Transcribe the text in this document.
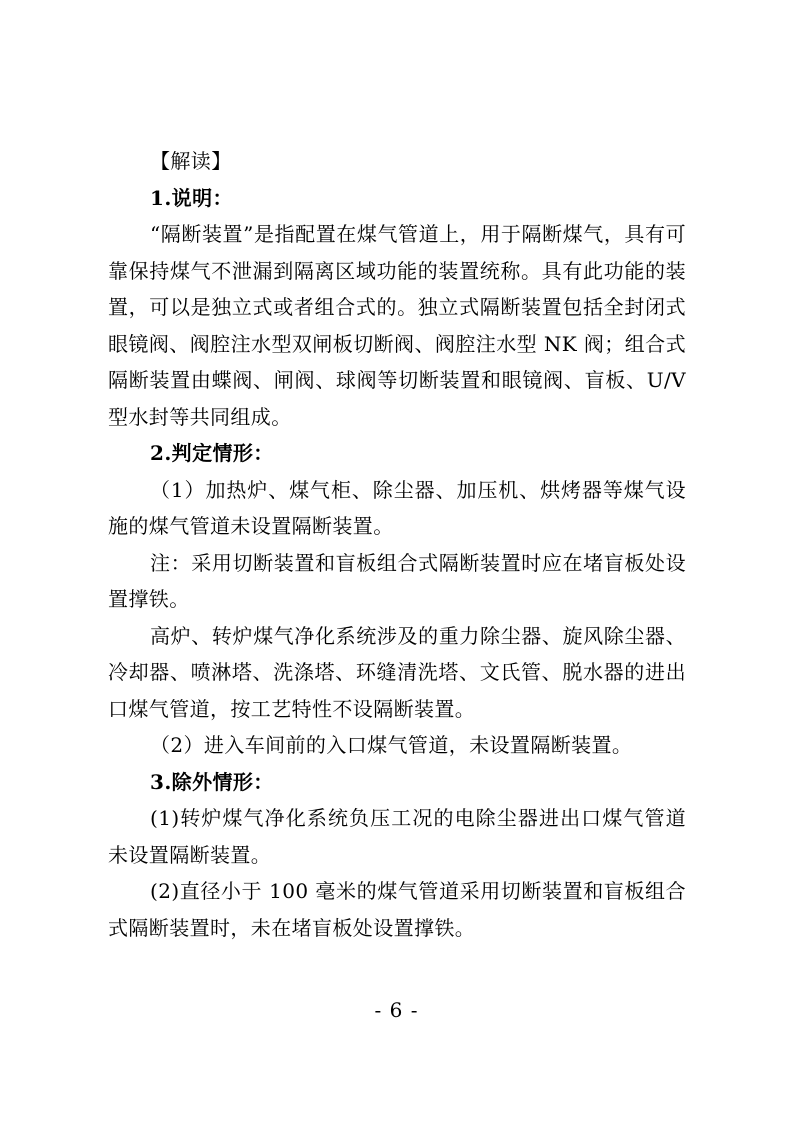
【解读】

1.说明：

“隔断装置”是指配置在煤气管道上，用于隔断煤气，具有可靠保持煤气不泄漏到隔离区域功能的装置统称。具有此功能的装置，可以是独立式或者组合式的。独立式隔断装置包括全封闭式眼镜阀、阀腔注水型双闸板切断阀、阀腔注水型 NK 阀；组合式隔断装置由蝶阀、闸阀、球阀等切断装置和眼镜阀、盲板、U/V 型水封等共同组成。

2.判定情形：

（1）加热炉、煤气柜、除尘器、加压机、烘烤器等煤气设施的煤气管道未设置隔断装置。

注：采用切断装置和盲板组合式隔断装置时应在堵盲板处设置撑铁。

高炉、转炉煤气净化系统涉及的重力除尘器、旋风除尘器、冷却器、喷淋塔、洗涤塔、环缝清洗塔、文氏管、脱水器的进出口煤气管道，按工艺特性不设隔断装置。

（2）进入车间前的入口煤气管道，未设置隔断装置。

3.除外情形：

(1)转炉煤气净化系统负压工况的电除尘器进出口煤气管道未设置隔断装置。

(2)直径小于 100 毫米的煤气管道采用切断装置和盲板组合式隔断装置时，未在堵盲板处设置撑铁。

- 6 -
